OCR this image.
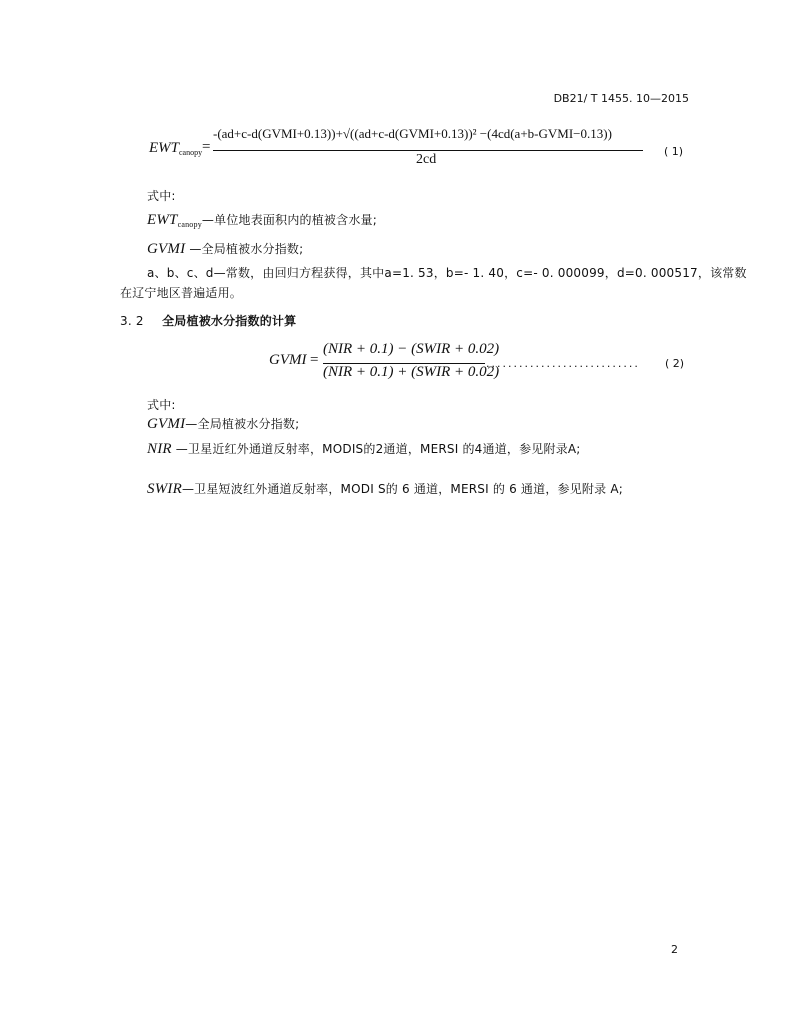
DB21/ T 1455. 10—2015
$EWT_{canopy}$ =
-(ad+c-d(GVMI+0.13))+√((ad+c-d(GVMI+0.13))² −(4cd(a+b-GVMI−0.13))
2cd
( 1)
式中:
$EWT_{canopy}—$单位地表面积内的植被含水量;
GVMI —全局植被水分指数;
a、b、c、d—常数，由回归方程获得，其中a=1. 53，b=- 1. 40，c=- 0. 000099，d=0. 000517，该常数
在辽宁地区普遍适用。
3. 2 全局植被水分指数的计算
GVMI =
(NIR + 0.1) − (SWIR + 0.02)
(NIR + 0.1) + (SWIR + 0.02)
............................ ( 2)
式中:
GVMI—全局植被水分指数;
NIR —卫星近红外通道反射率，MODIS的2通道，MERSI 的4通道，参见附录A;
SWIR—卫星短波红外通道反射率，MODI S的 6 通道，MERSI 的 6 通道，参见附录 A;
2
